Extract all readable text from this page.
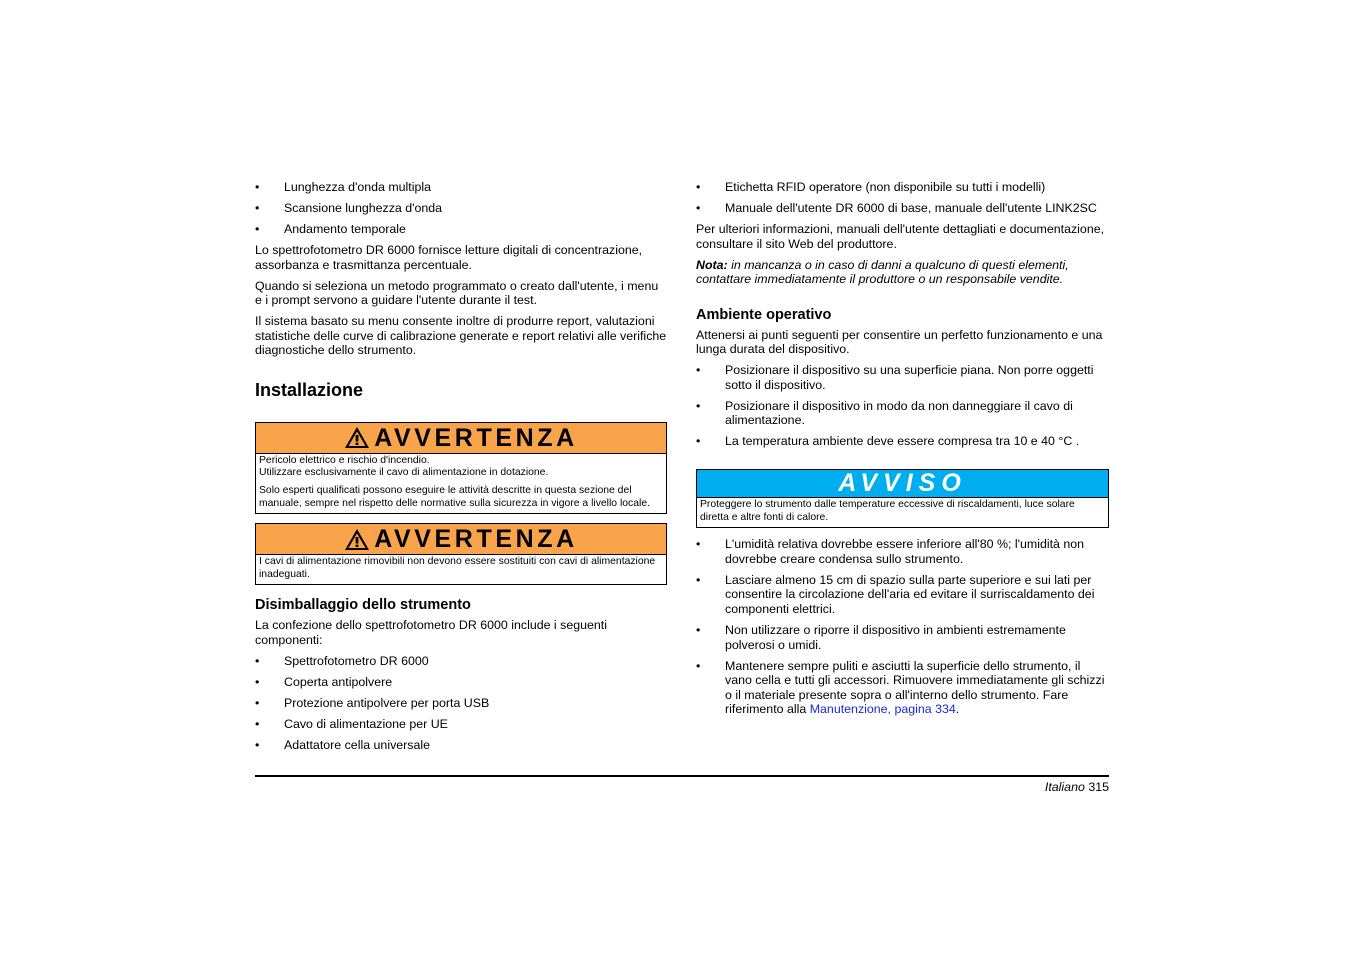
• Lunghezza d'onda multipla
• Scansione lunghezza d'onda
• Andamento temporale

Lo spettrofotometro DR 6000 fornisce letture digitali di concentrazione, assorbanza e trasmittanza percentuale.

Quando si seleziona un metodo programmato o creato dall'utente, i menu e i prompt servono a guidare l'utente durante il test.

Il sistema basato su menu consente inoltre di produrre report, valutazioni statistiche delle curve di calibrazione generate e report relativi alle verifiche diagnostiche dello strumento.

Installazione
AVVERTENZA

Pericolo elettrico e rischio d'incendio.
Utilizzare esclusivamente il cavo di alimentazione in dotazione.

Solo esperti qualificati possono eseguire le attività descritte in questa sezione del manuale, sempre nel rispetto delle normative sulla sicurezza in vigore a livello locale.

AVVERTENZA

I cavi di alimentazione rimovibili non devono essere sostituiti con cavi di alimentazione inadeguati.

Disimballaggio dello strumento

La confezione dello spettrofotometro DR 6000 include i seguenti componenti:

• Spettrofotometro DR 6000
• Coperta antipolvere
• Protezione antipolvere per porta USB
• Cavo di alimentazione per UE
• Adattatore cella universale
• Etichetta RFID operatore (non disponibile su tutti i modelli)
• Manuale dell'utente DR 6000 di base, manuale dell'utente LINK2SC

Per ulteriori informazioni, manuali dell'utente dettagliati e documentazione, consultare il sito Web del produttore.

Nota: in mancanza o in caso di danni a qualcuno di questi elementi, contattare immediatamente il produttore o un responsabile vendite.

Ambiente operativo

Attenersi ai punti seguenti per consentire un perfetto funzionamento e una lunga durata del dispositivo.

• Posizionare il dispositivo su una superficie piana. Non porre oggetti sotto il dispositivo.
• Posizionare il dispositivo in modo da non danneggiare il cavo di alimentazione.
• La temperatura ambiente deve essere compresa tra 10 e 40 °C .
AVVISO

Proteggere lo strumento dalle temperature eccessive di riscaldamenti, luce solare diretta e altre fonti di calore.

• L'umidità relativa dovrebbe essere inferiore all'80 %; l'umidità non dovrebbe creare condensa sullo strumento.
• Lasciare almeno 15 cm di spazio sulla parte superiore e sui lati per consentire la circolazione dell'aria ed evitare il surriscaldamento dei componenti elettrici.
• Non utilizzare o riporre il dispositivo in ambienti estremamente polverosi o umidi.
• Mantenere sempre puliti e asciutti la superficie dello strumento, il vano cella e tutti gli accessori. Rimuovere immediatamente gli schizzi o il materiale presente sopra o all'interno dello strumento. Fare riferimento alla Manutenzione, pagina 334.
Italiano 315
